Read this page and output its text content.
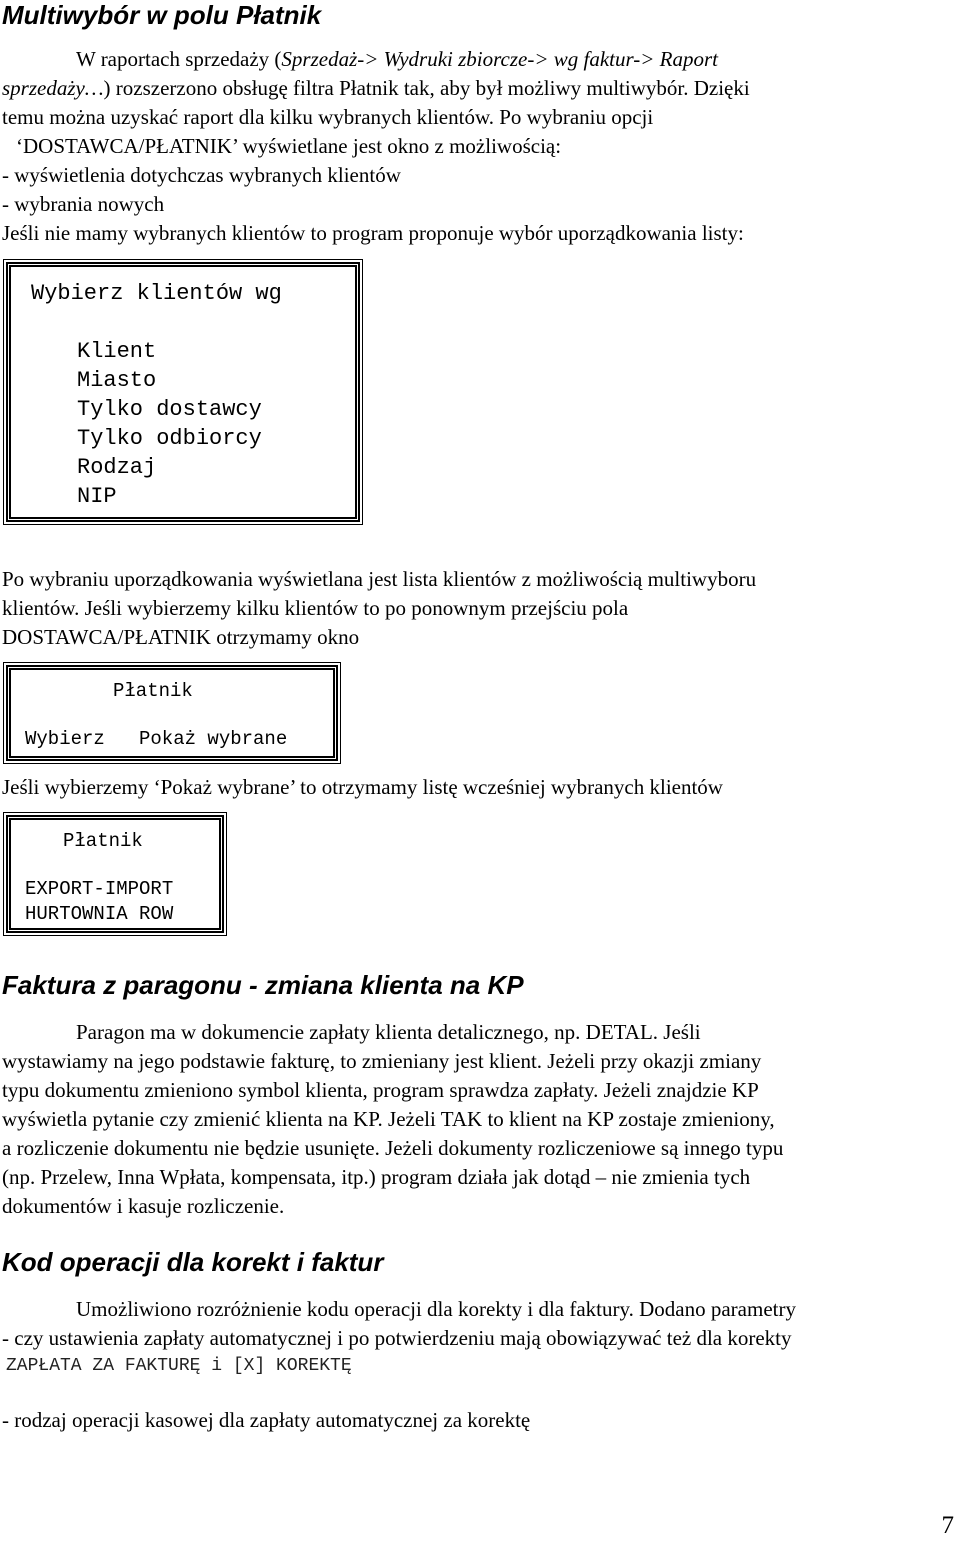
Multiwybór w polu Płatnik

W raportach sprzedaży (Sprzedaż-> Wydruki zbiorcze-> wg faktur-> Raport

sprzedaży…) rozszerzono obsługę filtra Płatnik tak, aby był możliwy multiwybór. Dzięki

temu można uzyskać raport dla kilku wybranych klientów. Po wybraniu opcji

‘DOSTAWCA/PŁATNIK’ wyświetlane jest okno z możliwością:

- wyświetlenia dotychczas wybranych klientów

- wybrania nowych

Jeśli nie mamy wybranych klientów to program proponuje wybór uporządkowania listy:

Wybierz klientów wg
Klient
Miasto
Tylko dostawcy
Tylko odbiorcy
Rodzaj
NIP

Po wybraniu uporządkowania wyświetlana jest lista klientów z możliwością multiwyboru

klientów. Jeśli wybierzemy kilku klientów to po ponownym przejściu pola

DOSTAWCA/PŁATNIK otrzymamy okno

Płatnik
Wybierz Pokaż wybrane

Jeśli wybierzemy ‘Pokaż wybrane’ to otrzymamy listę wcześniej wybranych klientów

Płatnik
EXPORT-IMPORT
HURTOWNIA ROW
Faktura z paragonu - zmiana klienta na KP

Paragon ma w dokumencie zapłaty klienta detalicznego, np. DETAL. Jeśli

wystawiamy na jego podstawie fakturę, to zmieniany jest klient. Jeżeli przy okazji zmiany

typu dokumentu zmieniono symbol klienta, program sprawdza zapłaty. Jeżeli znajdzie KP

wyświetla pytanie czy zmienić klienta na KP. Jeżeli TAK to klient na KP zostaje zmieniony,

a rozliczenie dokumentu nie będzie usunięte. Jeżeli dokumenty rozliczeniowe są innego typu

(np. Przelew, Inna Wpłata, kompensata, itp.) program działa jak dotąd – nie zmienia tych

dokumentów i kasuje rozliczenie.

Kod operacji dla korekt i faktur

Umożliwiono rozróżnienie kodu operacji dla korekty i dla faktury. Dodano parametry

- czy ustawienia zapłaty automatycznej i po potwierdzeniu mają obowiązywać też dla korekty

ZAPŁATA ZA FAKTURĘ i [X] KOREKTĘ

- rodzaj operacji kasowej dla zapłaty automatycznej za korektę

7
